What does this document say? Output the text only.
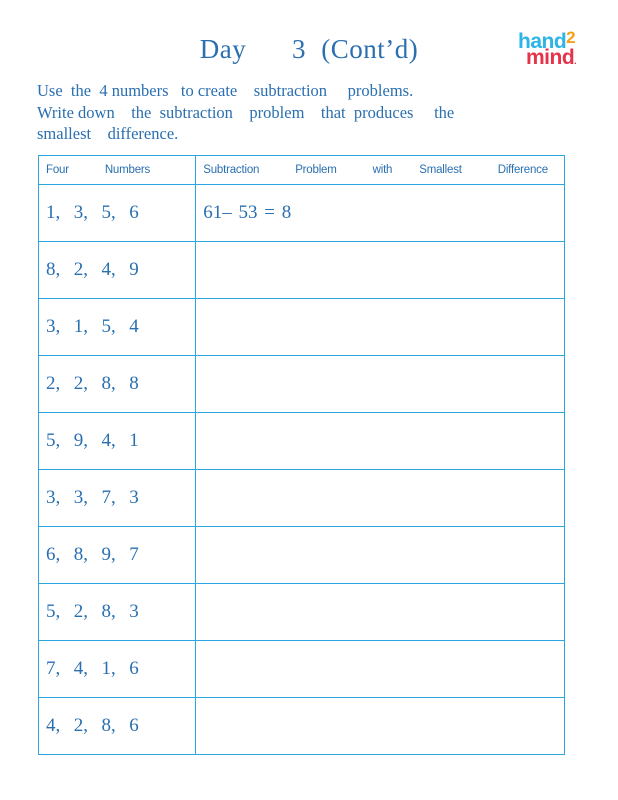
Day   3 (Cont’d)	hand$^2$
mind.
Use  the  4 numbers   to create    subtraction     problems.
Write down    the  subtraction    problem    that  produces     the
smallest    difference.
Four    Numbers	Subtraction    Problem    with   Smallest    Difference
1,  3,  5,  6	61– 53 = 8
8,  2,  4,  9	
3,  1,  5,  4	
2,  2,  8,  8	
5,  9,  4,  1	
3,  3,  7,  3	
6,  8,  9,  7	
5,  2,  8,  3	
7,  4,  1,  6	
4,  2,  8,  6	
